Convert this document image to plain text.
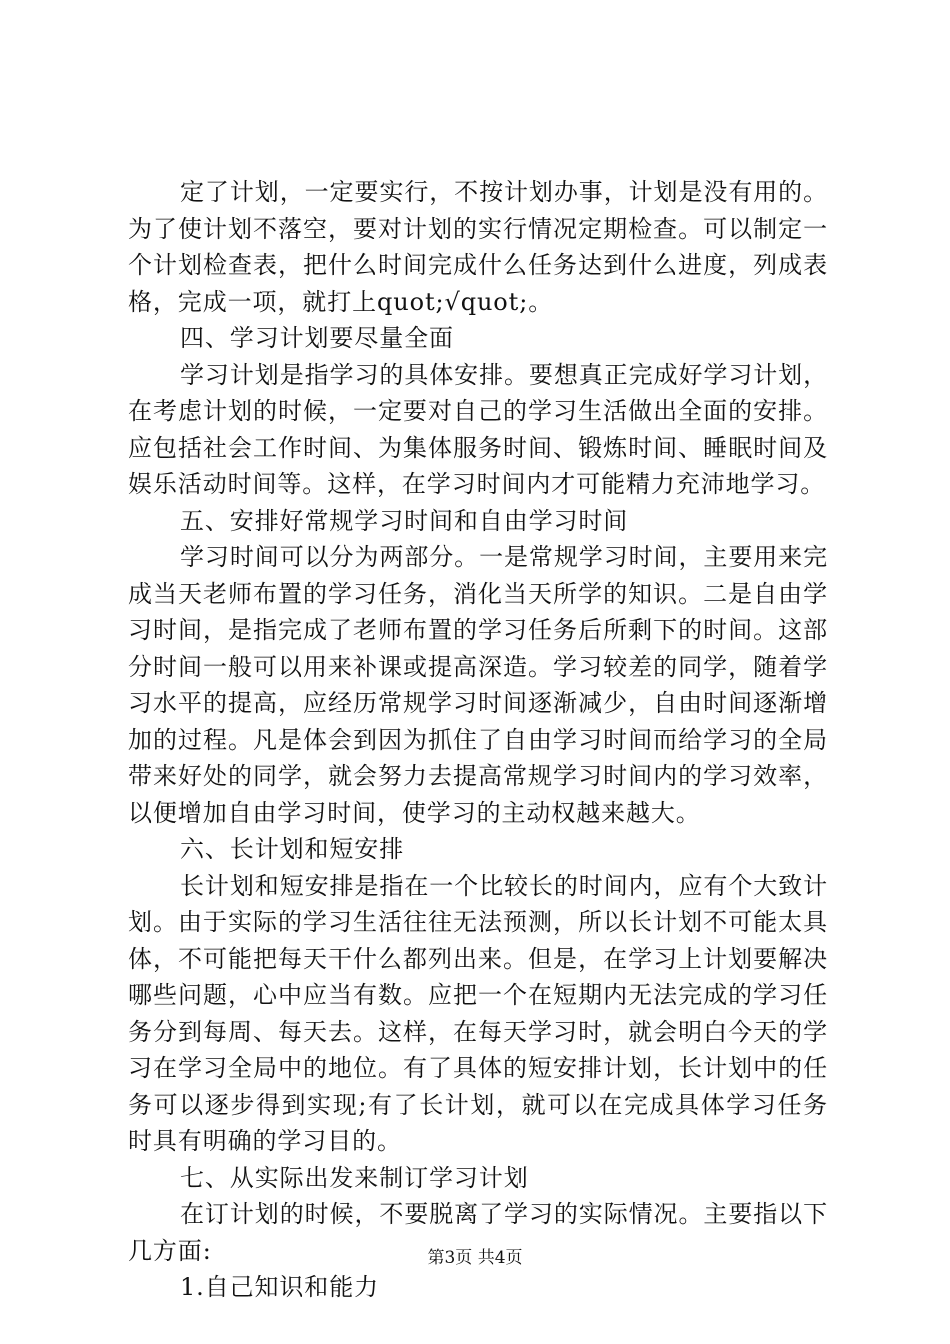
定了计划，一定要实行，不按计划办事，计划是没有用的。为了使计划不落空，要对计划的实行情况定期检查。可以制定一个计划检查表，把什么时间完成什么任务达到什么进度，列成表格，完成一项，就打上quot;√quot;。

四、学习计划要尽量全面

学习计划是指学习的具体安排。要想真正完成好学习计划，在考虑计划的时候，一定要对自己的学习生活做出全面的安排。应包括社会工作时间、为集体服务时间、锻炼时间、睡眠时间及娱乐活动时间等。这样，在学习时间内才可能精力充沛地学习。

五、安排好常规学习时间和自由学习时间

学习时间可以分为两部分。一是常规学习时间，主要用来完成当天老师布置的学习任务，消化当天所学的知识。二是自由学习时间，是指完成了老师布置的学习任务后所剩下的时间。这部分时间一般可以用来补课或提高深造。学习较差的同学，随着学习水平的提高，应经历常规学习时间逐渐减少，自由时间逐渐增加的过程。凡是体会到因为抓住了自由学习时间而给学习的全局带来好处的同学，就会努力去提高常规学习时间内的学习效率，以便增加自由学习时间，使学习的主动权越来越大。

六、长计划和短安排

长计划和短安排是指在一个比较长的时间内，应有个大致计划。由于实际的学习生活往往无法预测，所以长计划不可能太具体，不可能把每天干什么都列出来。但是，在学习上计划要解决哪些问题，心中应当有数。应把一个在短期内无法完成的学习任务分到每周、每天去。这样，在每天学习时，就会明白今天的学习在学习全局中的地位。有了具体的短安排计划，长计划中的任务可以逐步得到实现;有了长计划，就可以在完成具体学习任务时具有明确的学习目的。

七、从实际出发来制订学习计划

在订计划的时候，不要脱离了学习的实际情况。主要指以下几方面:

1.自己知识和能力

第3页 共4页
